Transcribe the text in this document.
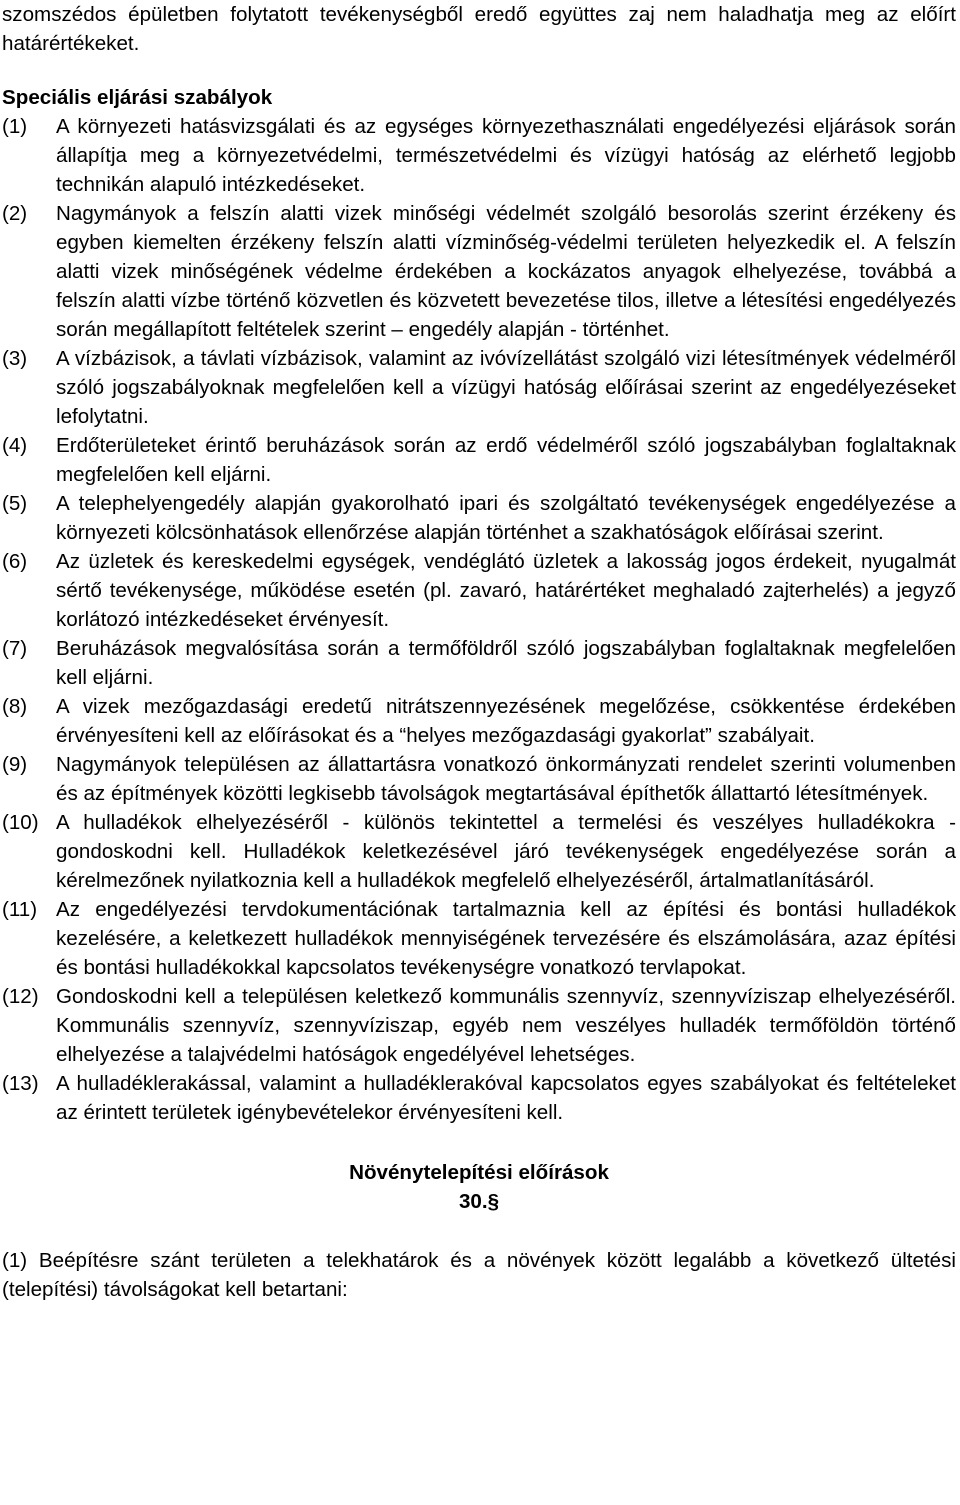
szomszédos épületben folytatott tevékenységből eredő együttes zaj nem haladhatja meg az előírt határértékeket.

Speciális eljárási szabályok

(1)	A környezeti hatásvizsgálati és az egységes környezethasználati engedélyezési eljárások során állapítja meg a környezetvédelmi, természetvédelmi és vízügyi hatóság az elérhető legjobb technikán alapuló intézkedéseket.
(2)	Nagymányok a felszín alatti vizek minőségi védelmét szolgáló besorolás szerint érzékeny és egyben kiemelten érzékeny felszín alatti vízminőség-védelmi területen helyezkedik el. A felszín alatti vizek minőségének védelme érdekében a kockázatos anyagok elhelyezése, továbbá a felszín alatti vízbe történő közvetlen és közvetett bevezetése tilos, illetve a létesítési engedélyezés során megállapított feltételek szerint – engedély alapján - történhet.
(3)	A vízbázisok, a távlati vízbázisok, valamint az ivóvízellátást szolgáló vizi létesítmények védelméről szóló jogszabályoknak megfelelően kell a vízügyi hatóság előírásai szerint az engedélyezéseket lefolytatni.
(4)	Erdőterületeket érintő beruházások során az erdő védelméről szóló jogszabályban foglaltaknak megfelelően kell eljárni.
(5)	A telephelyengedély alapján gyakorolható ipari és szolgáltató tevékenységek engedélyezése a környezeti kölcsönhatások ellenőrzése alapján történhet a szakhatóságok előírásai szerint.
(6)	Az üzletek és kereskedelmi egységek, vendéglátó üzletek a lakosság jogos érdekeit, nyugalmát sértő tevékenysége, működése esetén (pl. zavaró, határértéket meghaladó zajterhelés) a jegyző korlátozó intézkedéseket érvényesít.
(7)	Beruházások megvalósítása során a termőföldről szóló jogszabályban foglaltaknak megfelelően kell eljárni.
(8)	A vizek mezőgazdasági eredetű nitrátszennyezésének megelőzése, csökkentése érdekében érvényesíteni kell az előírásokat és a “helyes mezőgazdasági gyakorlat” szabályait.
(9)	Nagymányok településen az állattartásra vonatkozó önkormányzati rendelet szerinti volumenben és az építmények közötti legkisebb távolságok megtartásával építhetők állattartó létesítmények.
(10) A hulladékok elhelyezéséről - különös tekintettel a termelési és veszélyes hulladékokra - gondoskodni kell. Hulladékok keletkezésével járó tevékenységek engedélyezése során a kérelmezőnek nyilatkoznia kell a hulladékok megfelelő elhelyezéséről, ártalmatlanításáról.
(11) Az engedélyezési tervdokumentációnak tartalmaznia kell az építési és bontási hulladékok kezelésére, a keletkezett hulladékok mennyiségének tervezésére és elszámolására, azaz építési és bontási hulladékokkal kapcsolatos tevékenységre vonatkozó tervlapokat.
(12) Gondoskodni kell a településen keletkező kommunális szennyvíz, szennyvíziszap elhelyezéséről. Kommunális szennyvíz, szennyvíziszap, egyéb nem veszélyes hulladék termőföldön történő elhelyezése a talajvédelmi hatóságok engedélyével lehetséges.
(13) A hulladéklerakással, valamint a hulladéklerakóval kapcsolatos egyes szabályokat és feltételeket az érintett területek igénybevételekor érvényesíteni kell.

Növénytelepítési előírások

30.§

(1) Beépítésre szánt területen a telekhatárok és a növények között legalább a következő ültetési (telepítési) távolságokat kell betartani:
